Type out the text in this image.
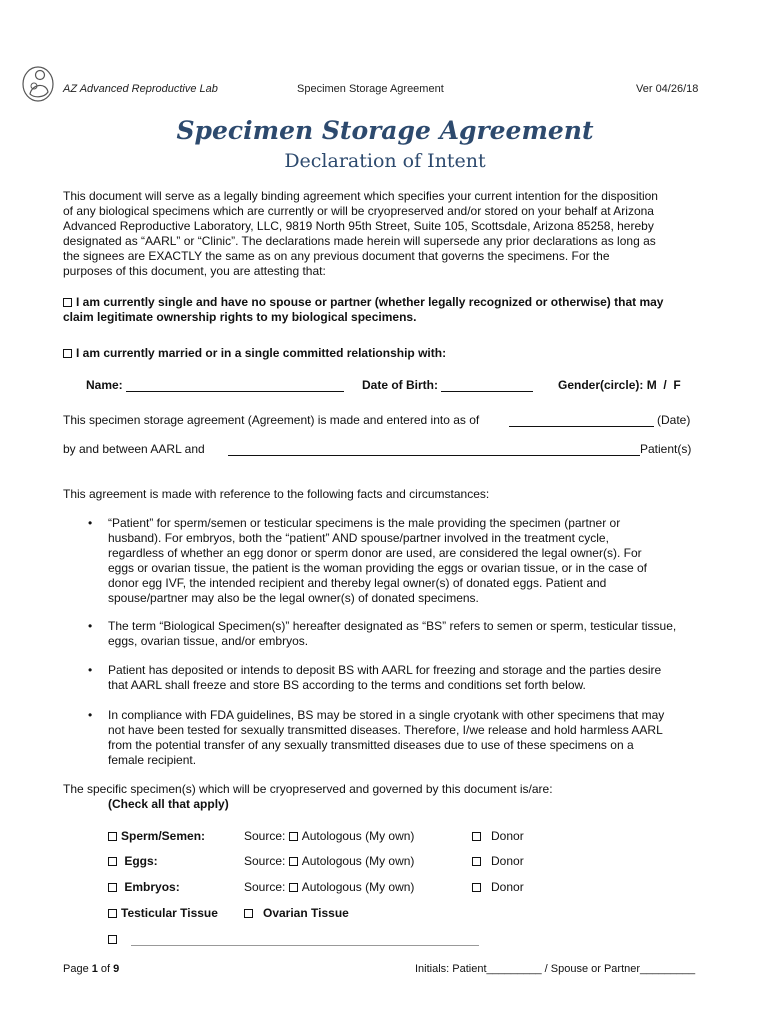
AZ Advanced Reproductive Lab	Specimen Storage Agreement	Ver 04/26/18
Specimen Storage Agreement
Declaration of Intent
This document will serve as a legally binding agreement which specifies your current intention for the disposition
of any biological specimens which are currently or will be cryopreserved and/or stored on your behalf at Arizona
Advanced Reproductive Laboratory, LLC, 9819 North 95th Street, Suite 105, Scottsdale, Arizona 85258, hereby
designated as “AARL” or “Clinic”. The declarations made herein will supersede any prior declarations as long as
the signees are EXACTLY the same as on any previous document that governs the specimens. For the
purposes of this document, you are attesting that:
I am currently single and have no spouse or partner (whether legally recognized or otherwise) that may
claim legitimate ownership rights to my biological specimens.
I am currently married or in a single committed relationship with:
Name:	Date of Birth:	Gender(circle): M  /  F
This specimen storage agreement (Agreement) is made and entered into as of	(Date)
by and between AARL and	Patient(s)
This agreement is made with reference to the following facts and circumstances:
• “Patient” for sperm/semen or testicular specimens is the male providing the specimen (partner or
husband). For embryos, both the “patient” AND spouse/partner involved in the treatment cycle,
regardless of whether an egg donor or sperm donor are used, are considered the legal owner(s). For
eggs or ovarian tissue, the patient is the woman providing the eggs or ovarian tissue, or in the case of
donor egg IVF, the intended recipient and thereby legal owner(s) of donated eggs. Patient and
spouse/partner may also be the legal owner(s) of donated specimens.
• The term “Biological Specimen(s)” hereafter designated as “BS” refers to semen or sperm, testicular tissue,
eggs, ovarian tissue, and/or embryos.
• Patient has deposited or intends to deposit BS with AARL for freezing and storage and the parties desire
that AARL shall freeze and store BS according to the terms and conditions set forth below.
• In compliance with FDA guidelines, BS may be stored in a single cryotank with other specimens that may
not have been tested for sexually transmitted diseases. Therefore, I/we release and hold harmless AARL
from the potential transfer of any sexually transmitted diseases due to use of these specimens on a
female recipient.
The specific specimen(s) which will be cryopreserved and governed by this document is/are:
(Check all that apply)
Sperm/Semen:	Source: Autologous (My own)	Donor
Eggs:	Source: Autologous (My own)	Donor
Embryos:	Source: Autologous (My own)	Donor
Testicular Tissue	Ovarian Tissue
Page 1 of 9	Initials: Patient_________ / Spouse or Partner_________
